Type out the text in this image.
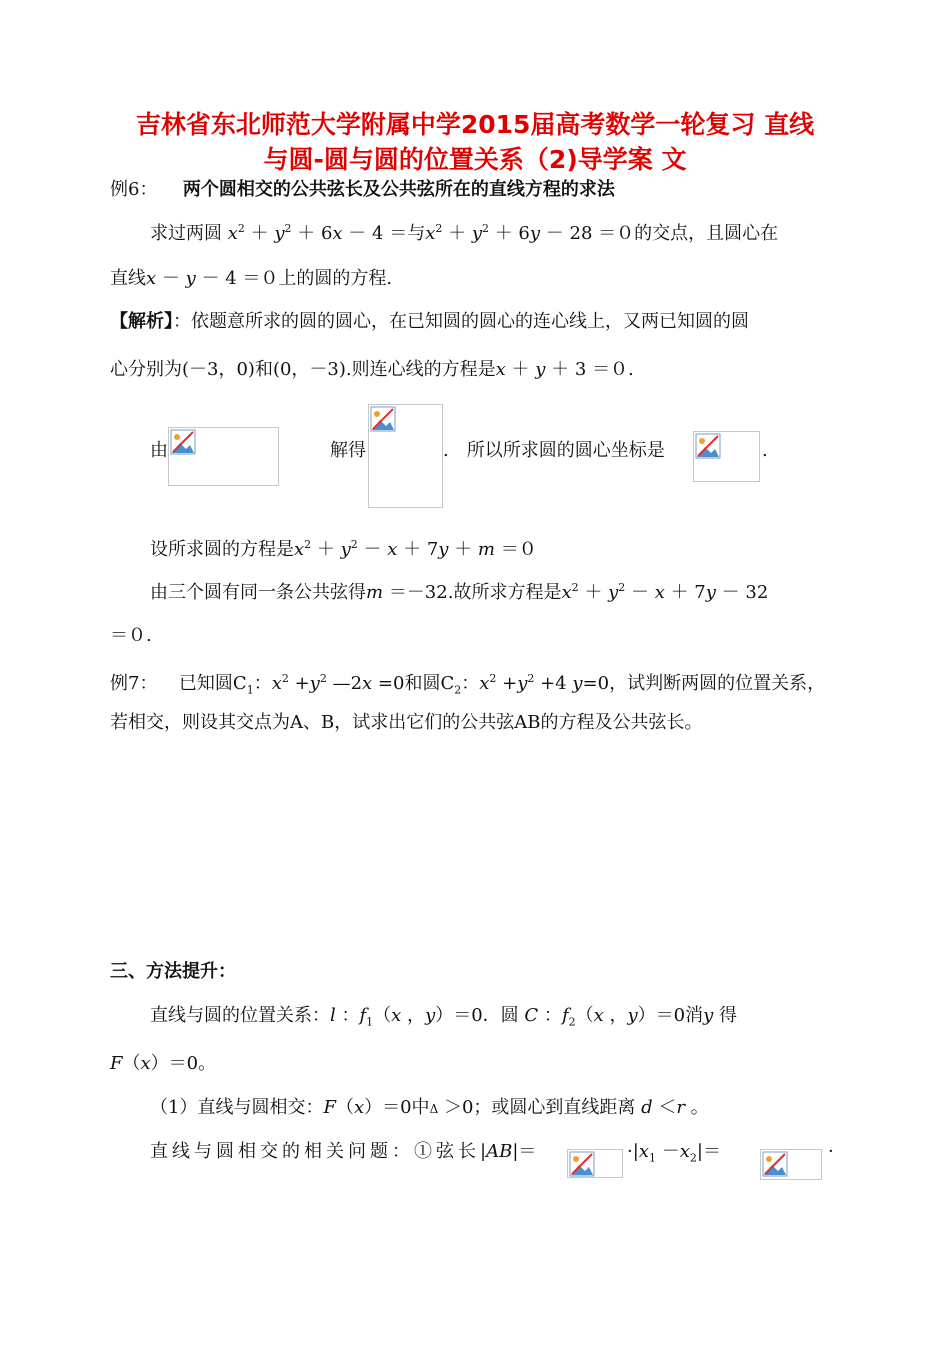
吉林省东北师范大学附属中学2015届高考数学一轮复习 直线
与圆-圆与圆的位置关系（2)导学案 文
例6： 两个圆相交的公共弦长及公共弦所在的直线方程的求法
求过两圆 $x^2 + y^2 + 6x - 4$ ＝与$x^2 + y^2 + 6y - 28 =0$的交点，且圆心在
直线x － y － 4 ＝０上的圆的方程.
【解析】：依题意所求的圆的圆心，在已知圆的圆心的连心线上，又两已知圆的圆
心分别为(－3，0)和(0，－3).则连心线的方程是x ＋ y ＋ 3 ＝０.
由	解得	.　所以所求圆的圆心坐标是	.
设所求圆的方程是$x^2 + y^2 - x + 7y + m =0$
由三个圆有同一条公共弦得m ＝－32.故所求方程是$x^2 + y^2 - x + 7y - 32$
＝０.
例7： 已知圆$C_1$：$x^2 +y^2$ —2x =0和圆$C_2$：$x^2 +y^2 +4$ y=0，试判断两圆的位置关系，
若相交，则设其交点为A、B，试求出它们的公共弦AB的方程及公共弦长。
三、方法提升：
直线与圆的位置关系：l ：$f_1(x$ ，y）＝0．圆 C ：$f_2(x$ ，y）＝0消y 得
F（x）＝0。
（1）直线与圆相交：F（x）＝0中Δ ＞0；或圆心到直线距离 d ＜r 。
直线与圆相交的相关问题：①弦长|AB|＝	$\cdot|x_1 -x_2|=$	·
